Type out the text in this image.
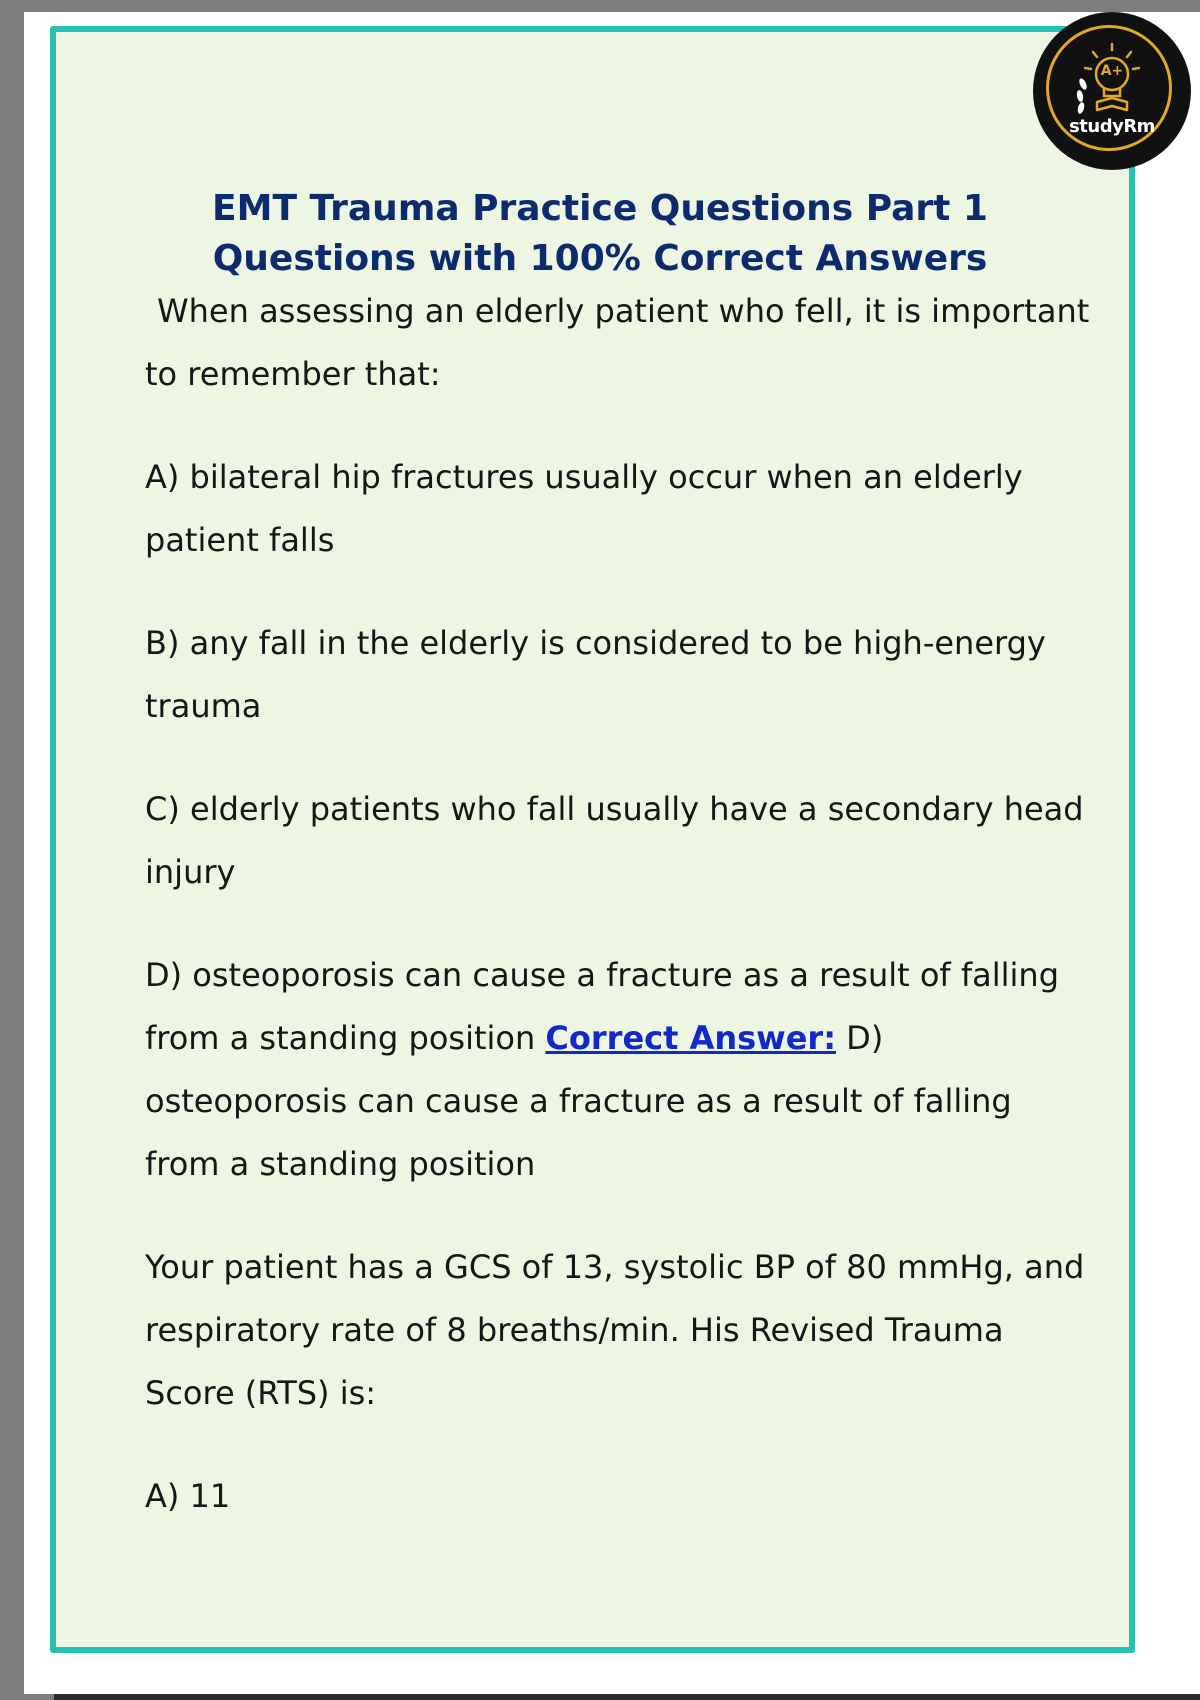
A+
studyRm
EMT Trauma Practice Questions Part 1 Questions with 100% Correct Answers

When assessing an elderly patient who fell, it is important to remember that:

A) bilateral hip fractures usually occur when an elderly patient falls

B) any fall in the elderly is considered to be high-energy trauma

C) elderly patients who fall usually have a secondary head injury

D) osteoporosis can cause a fracture as a result of falling from a standing position Correct Answer: D) osteoporosis can cause a fracture as a result of falling from a standing position

Your patient has a GCS of 13, systolic BP of 80 mmHg, and respiratory rate of 8 breaths/min. His Revised Trauma Score (RTS) is:

A) 11
